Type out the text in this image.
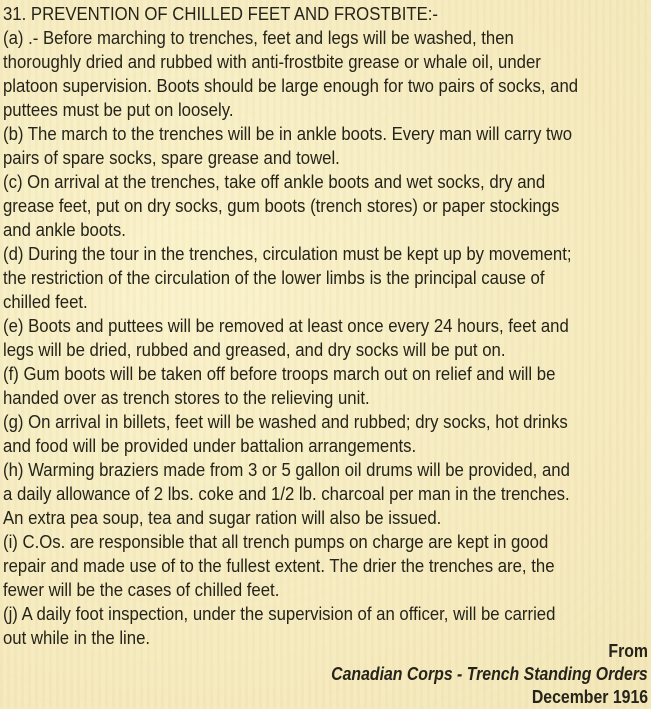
31. PREVENTION OF CHILLED FEET AND FROSTBITE:-
(a) .- Before marching to trenches, feet and legs will be washed, then
thoroughly dried and rubbed with anti-frostbite grease or whale oil, under
platoon supervision. Boots should be large enough for two pairs of socks, and
puttees must be put on loosely.
(b) The march to the trenches will be in ankle boots. Every man will carry two
pairs of spare socks, spare grease and towel.
(c) On arrival at the trenches, take off ankle boots and wet socks, dry and
grease feet, put on dry socks, gum boots (trench stores) or paper stockings
and ankle boots.
(d) During the tour in the trenches, circulation must be kept up by movement;
the restriction of the circulation of the lower limbs is the principal cause of
chilled feet.
(e) Boots and puttees will be removed at least once every 24 hours, feet and
legs will be dried, rubbed and greased, and dry socks will be put on.
(f) Gum boots will be taken off before troops march out on relief and will be
handed over as trench stores to the relieving unit.
(g) On arrival in billets, feet will be washed and rubbed; dry socks, hot drinks
and food will be provided under battalion arrangements.
(h) Warming braziers made from 3 or 5 gallon oil drums will be provided, and
a daily allowance of 2 lbs. coke and 1/2 lb. charcoal per man in the trenches.
An extra pea soup, tea and sugar ration will also be issued.
(i) C.Os. are responsible that all trench pumps on charge are kept in good
repair and made use of to the fullest extent. The drier the trenches are, the
fewer will be the cases of chilled feet.
(j) A daily foot inspection, under the supervision of an officer, will be carried
out while in the line.
From
Canadian Corps - Trench Standing Orders
December 1916
